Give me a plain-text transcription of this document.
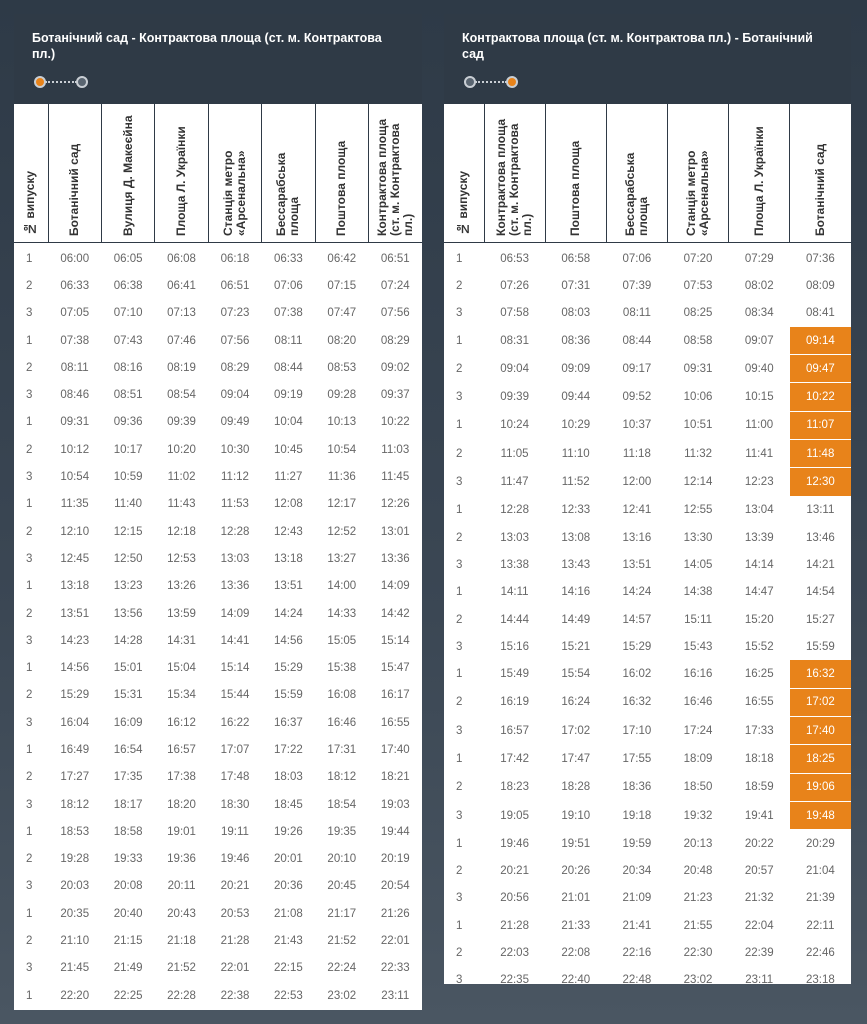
Ботанічний сад - Контрактова площа (ст. м. Контрактова пл.)
№ випуску	Ботанічний сад	Вулиця Д. Макеєйна	Площа Л. Українки	Станція метро «Арсенальна»	Бессарабська площа	Поштова площа	Контрактова площа (ст. м. Контрактова пл.)

1	06:00	06:05	06:08	06:18	06:33	06:42	06:51
2	06:33	06:38	06:41	06:51	07:06	07:15	07:24
3	07:05	07:10	07:13	07:23	07:38	07:47	07:56
1	07:38	07:43	07:46	07:56	08:11	08:20	08:29
2	08:11	08:16	08:19	08:29	08:44	08:53	09:02
3	08:46	08:51	08:54	09:04	09:19	09:28	09:37
1	09:31	09:36	09:39	09:49	10:04	10:13	10:22
2	10:12	10:17	10:20	10:30	10:45	10:54	11:03
3	10:54	10:59	11:02	11:12	11:27	11:36	11:45
1	11:35	11:40	11:43	11:53	12:08	12:17	12:26
2	12:10	12:15	12:18	12:28	12:43	12:52	13:01
3	12:45	12:50	12:53	13:03	13:18	13:27	13:36
1	13:18	13:23	13:26	13:36	13:51	14:00	14:09
2	13:51	13:56	13:59	14:09	14:24	14:33	14:42
3	14:23	14:28	14:31	14:41	14:56	15:05	15:14
1	14:56	15:01	15:04	15:14	15:29	15:38	15:47
2	15:29	15:31	15:34	15:44	15:59	16:08	16:17
3	16:04	16:09	16:12	16:22	16:37	16:46	16:55
1	16:49	16:54	16:57	17:07	17:22	17:31	17:40
2	17:27	17:35	17:38	17:48	18:03	18:12	18:21
3	18:12	18:17	18:20	18:30	18:45	18:54	19:03
1	18:53	18:58	19:01	19:11	19:26	19:35	19:44
2	19:28	19:33	19:36	19:46	20:01	20:10	20:19
3	20:03	20:08	20:11	20:21	20:36	20:45	20:54
1	20:35	20:40	20:43	20:53	21:08	21:17	21:26
2	21:10	21:15	21:18	21:28	21:43	21:52	22:01
3	21:45	21:49	21:52	22:01	22:15	22:24	22:33
1	22:20	22:25	22:28	22:38	22:53	23:02	23:11
Контрактова площа (ст. м. Контрактова пл.) - Ботанічний сад
№ випуску	Контрактова площа (ст. м. Контрактова пл.)	Поштова площа	Бессарабська площа	Станція метро «Арсенальна»	Площа Л. Українки	Ботанічний сад

1	06:53	06:58	07:06	07:20	07:29	07:36
2	07:26	07:31	07:39	07:53	08:02	08:09
3	07:58	08:03	08:11	08:25	08:34	08:41
1	08:31	08:36	08:44	08:58	09:07	09:14
2	09:04	09:09	09:17	09:31	09:40	09:47
3	09:39	09:44	09:52	10:06	10:15	10:22
1	10:24	10:29	10:37	10:51	11:00	11:07
2	11:05	11:10	11:18	11:32	11:41	11:48
3	11:47	11:52	12:00	12:14	12:23	12:30
1	12:28	12:33	12:41	12:55	13:04	13:11
2	13:03	13:08	13:16	13:30	13:39	13:46
3	13:38	13:43	13:51	14:05	14:14	14:21
1	14:11	14:16	14:24	14:38	14:47	14:54
2	14:44	14:49	14:57	15:11	15:20	15:27
3	15:16	15:21	15:29	15:43	15:52	15:59
1	15:49	15:54	16:02	16:16	16:25	16:32
2	16:19	16:24	16:32	16:46	16:55	17:02
3	16:57	17:02	17:10	17:24	17:33	17:40
1	17:42	17:47	17:55	18:09	18:18	18:25
2	18:23	18:28	18:36	18:50	18:59	19:06
3	19:05	19:10	19:18	19:32	19:41	19:48
1	19:46	19:51	19:59	20:13	20:22	20:29
2	20:21	20:26	20:34	20:48	20:57	21:04
3	20:56	21:01	21:09	21:23	21:32	21:39
1	21:28	21:33	21:41	21:55	22:04	22:11
2	22:03	22:08	22:16	22:30	22:39	22:46
3	22:35	22:40	22:48	23:02	23:11	23:18
